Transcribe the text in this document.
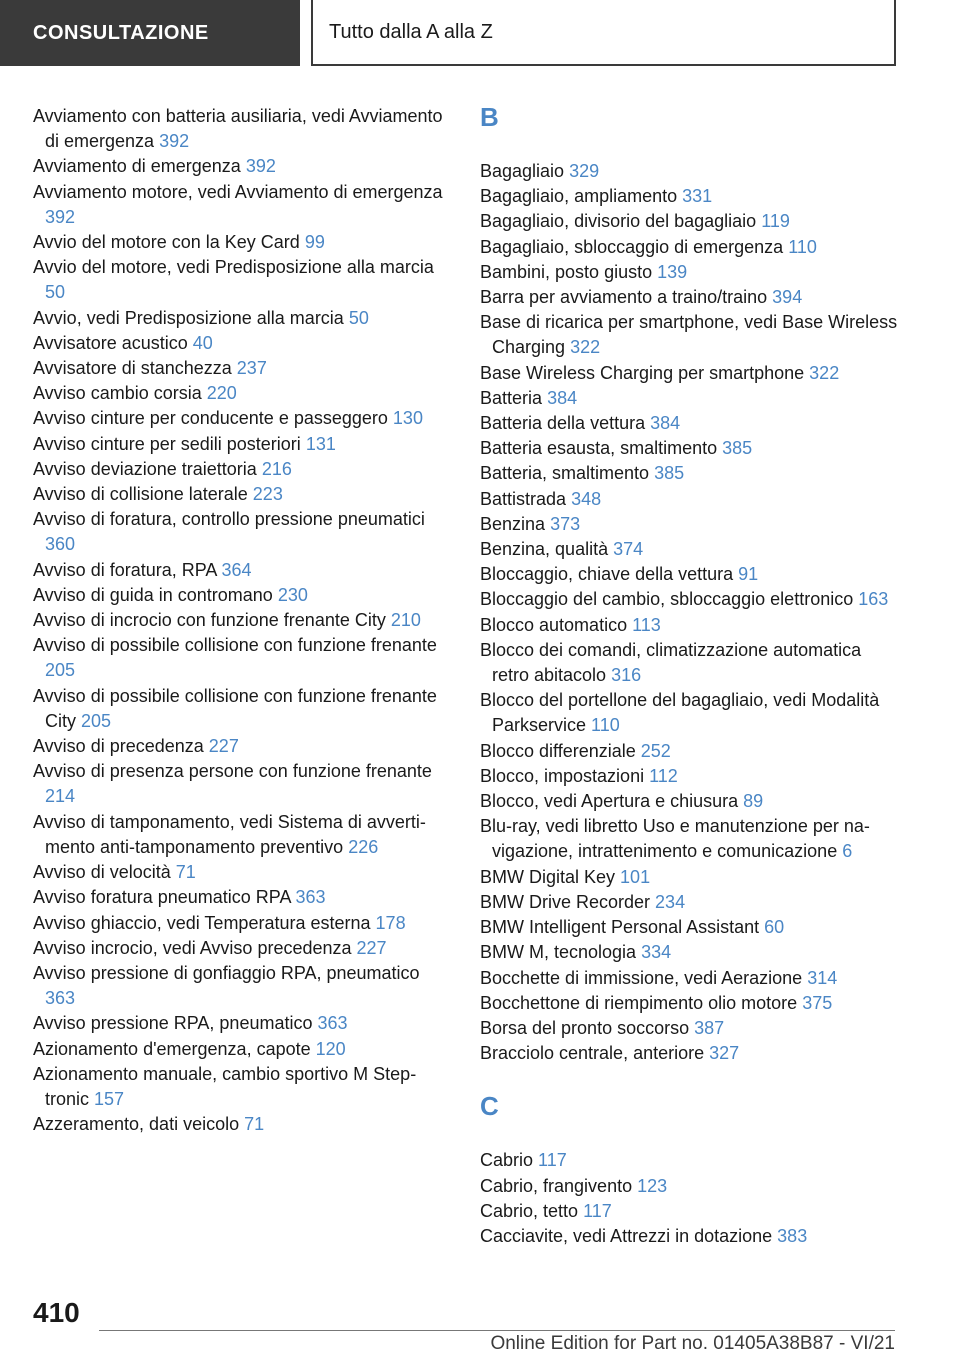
CONSULTAZIONE	Tutto dalla A alla Z
Avviamento con batteria ausiliaria, vedi Avviamento di emergenza 392
Avviamento di emergenza 392
Avviamento motore, vedi Avviamento di emergenza 392
Avvio del motore con la Key Card 99
Avvio del motore, vedi Predisposizione alla marcia 50
Avvio, vedi Predisposizione alla marcia 50
Avvisatore acustico 40
Avvisatore di stanchezza 237
Avviso cambio corsia 220
Avviso cinture per conducente e passeggero 130
Avviso cinture per sedili posteriori 131
Avviso deviazione traiettoria 216
Avviso di collisione laterale 223
Avviso di foratura, controllo pressione pneumatici 360
Avviso di foratura, RPA 364
Avviso di guida in contromano 230
Avviso di incrocio con funzione frenante City 210
Avviso di possibile collisione con funzione frenante 205
Avviso di possibile collisione con funzione frenante City 205
Avviso di precedenza 227
Avviso di presenza persone con funzione frenante 214
Avviso di tamponamento, vedi Sistema di avvertimento anti-tamponamento preventivo 226
Avviso di velocità 71
Avviso foratura pneumatico RPA 363
Avviso ghiaccio, vedi Temperatura esterna 178
Avviso incrocio, vedi Avviso precedenza 227
Avviso pressione di gonfiaggio RPA, pneumatico 363
Avviso pressione RPA, pneumatico 363
Azionamento d'emergenza, capote 120
Azionamento manuale, cambio sportivo M Steptronic 157
Azzeramento, dati veicolo 71
B
Bagagliaio 329
Bagagliaio, ampliamento 331
Bagagliaio, divisorio del bagagliaio 119
Bagagliaio, sbloccaggio di emergenza 110
Bambini, posto giusto 139
Barra per avviamento a traino/traino 394
Base di ricarica per smartphone, vedi Base Wireless Charging 322
Base Wireless Charging per smartphone 322
Batteria 384
Batteria della vettura 384
Batteria esausta, smaltimento 385
Batteria, smaltimento 385
Battistrada 348
Benzina 373
Benzina, qualità 374
Bloccaggio, chiave della vettura 91
Bloccaggio del cambio, sbloccaggio elettronico 163
Blocco automatico 113
Blocco dei comandi, climatizzazione automatica retro abitacolo 316
Blocco del portellone del bagagliaio, vedi Modalità Parkservice 110
Blocco differenziale 252
Blocco, impostazioni 112
Blocco, vedi Apertura e chiusura 89
Blu-ray, vedi libretto Uso e manutenzione per navigazione, intrattenimento e comunicazione 6
BMW Digital Key 101
BMW Drive Recorder 234
BMW Intelligent Personal Assistant 60
BMW M, tecnologia 334
Bocchette di immissione, vedi Aerazione 314
Bocchettone di riempimento olio motore 375
Borsa del pronto soccorso 387
Bracciolo centrale, anteriore 327
C
Cabrio 117
Cabrio, frangivento 123
Cabrio, tetto 117
Cacciavite, vedi Attrezzi in dotazione 383
410
Online Edition for Part no. 01405A38B87 - VI/21
